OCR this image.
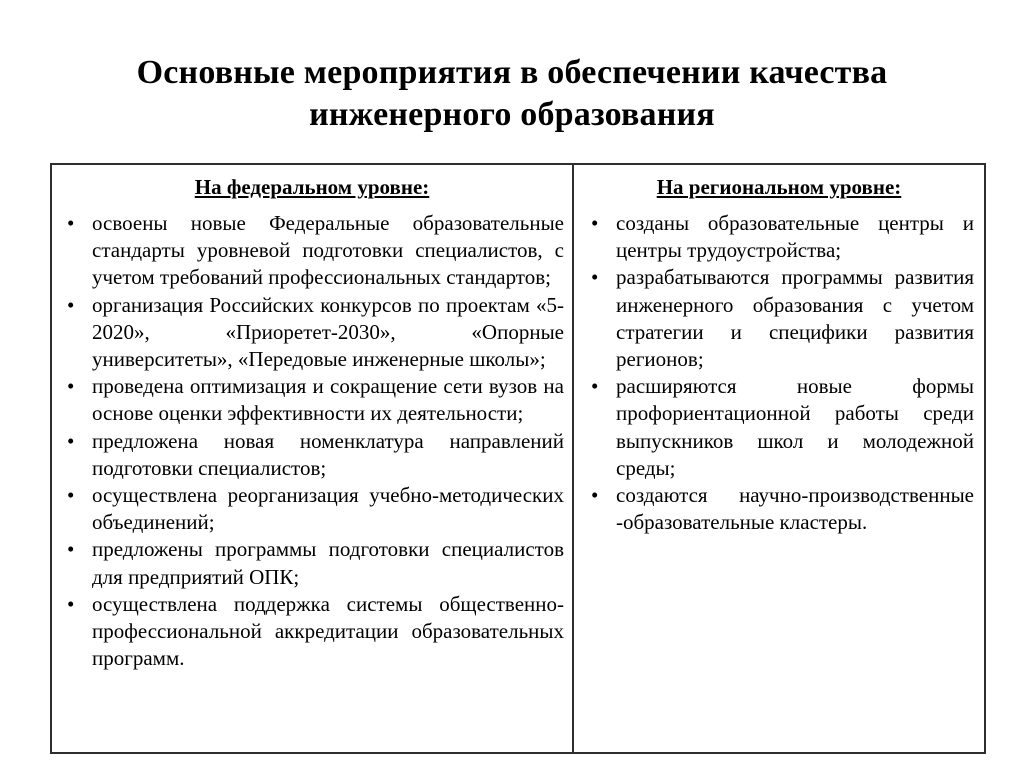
Основные мероприятия в обеспечении качества инженерного образования
На федеральном уровне:
• освоены новые Федеральные образовательные стандарты уровневой подготовки специалистов, с учетом требований профессиональных стандартов;
• организация Российских конкурсов по проектам «5-2020», «Приоретет-2030», «Опорные университеты», «Передовые инженерные школы»;
• проведена оптимизация и сокращение сети вузов на основе оценки эффективности их деятельности;
• предложена новая номенклатура направлений подготовки специалистов;
• осуществлена реорганизация учебно-методических объединений;
• предложены программы подготовки специалистов для предприятий ОПК;
• осуществлена поддержка системы общественно-профессиональной аккредитации образовательных программ.
На региональном уровне:
• созданы образовательные центры и центры трудоустройства;
• разрабатываются программы развития инженерного образования с учетом стратегии и специфики развития регионов;
• расширяются новые формы профориентационной работы среди выпускников школ и молодежной среды;
• создаются научно-производственные -образовательные кластеры.
